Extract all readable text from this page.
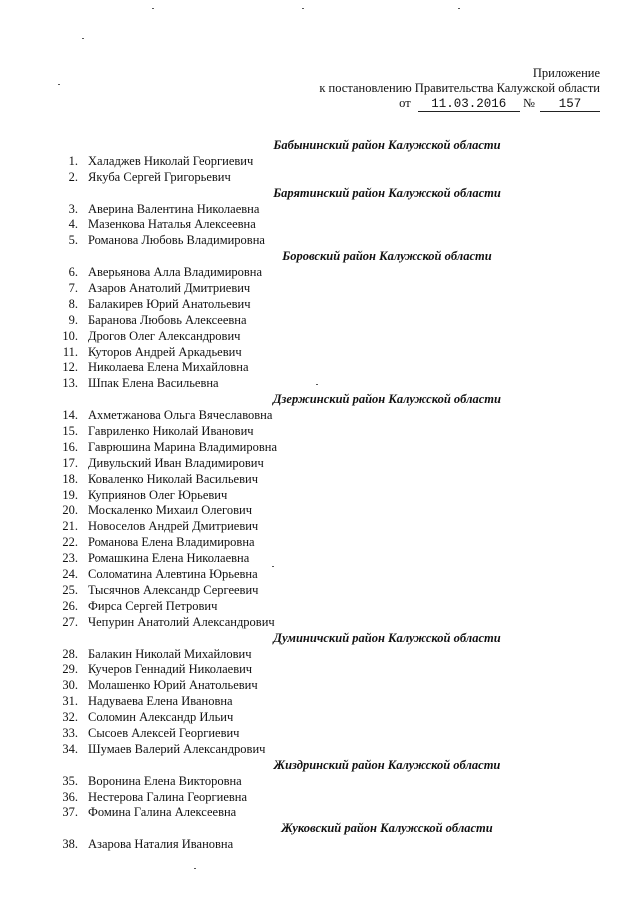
Приложение
к постановлению Правительства Калужской области
от 11.03.2016 № 157
Бабынинский район Калужской области
1. Халаджев Николай Георгиевич
2. Якуба Сергей Григорьевич
Барятинский район Калужской области
3. Аверина Валентина Николаевна
4. Мазенкова Наталья Алексеевна
5. Романова Любовь Владимировна
Боровский район Калужской области
6. Аверьянова Алла Владимировна
7. Азаров Анатолий Дмитриевич
8. Балакирев Юрий Анатольевич
9. Баранова Любовь Алексеевна
10. Дрогов Олег Александрович
11. Куторов Андрей Аркадьевич
12. Николаева Елена Михайловна
13. Шпак Елена Васильевна
Дзержинский район Калужской области
14. Ахметжанова Ольга Вячеславовна
15. Гавриленко Николай Иванович
16. Гаврюшина Марина Владимировна
17. Дивульский Иван Владимирович
18. Коваленко Николай Васильевич
19. Куприянов Олег Юрьевич
20. Москаленко Михаил Олегович
21. Новоселов Андрей Дмитриевич
22. Романова Елена Владимировна
23. Ромашкина Елена Николаевна
24. Соломатина Алевтина Юрьевна
25. Тысячнов Александр Сергеевич
26. Фирса Сергей Петрович
27. Чепурин Анатолий Александрович
Думиничский район Калужской области
28. Балакин Николай Михайлович
29. Кучеров Геннадий Николаевич
30. Молашенко Юрий Анатольевич
31. Надуваева Елена Ивановна
32. Соломин Александр Ильич
33. Сысоев Алексей Георгиевич
34. Шумаев Валерий Александрович
Жиздринский район Калужской области
35. Воронина Елена Викторовна
36. Нестерова Галина Георгиевна
37. Фомина Галина Алексеевна
Жуковский район Калужской области
38. Азарова Наталия Ивановна
